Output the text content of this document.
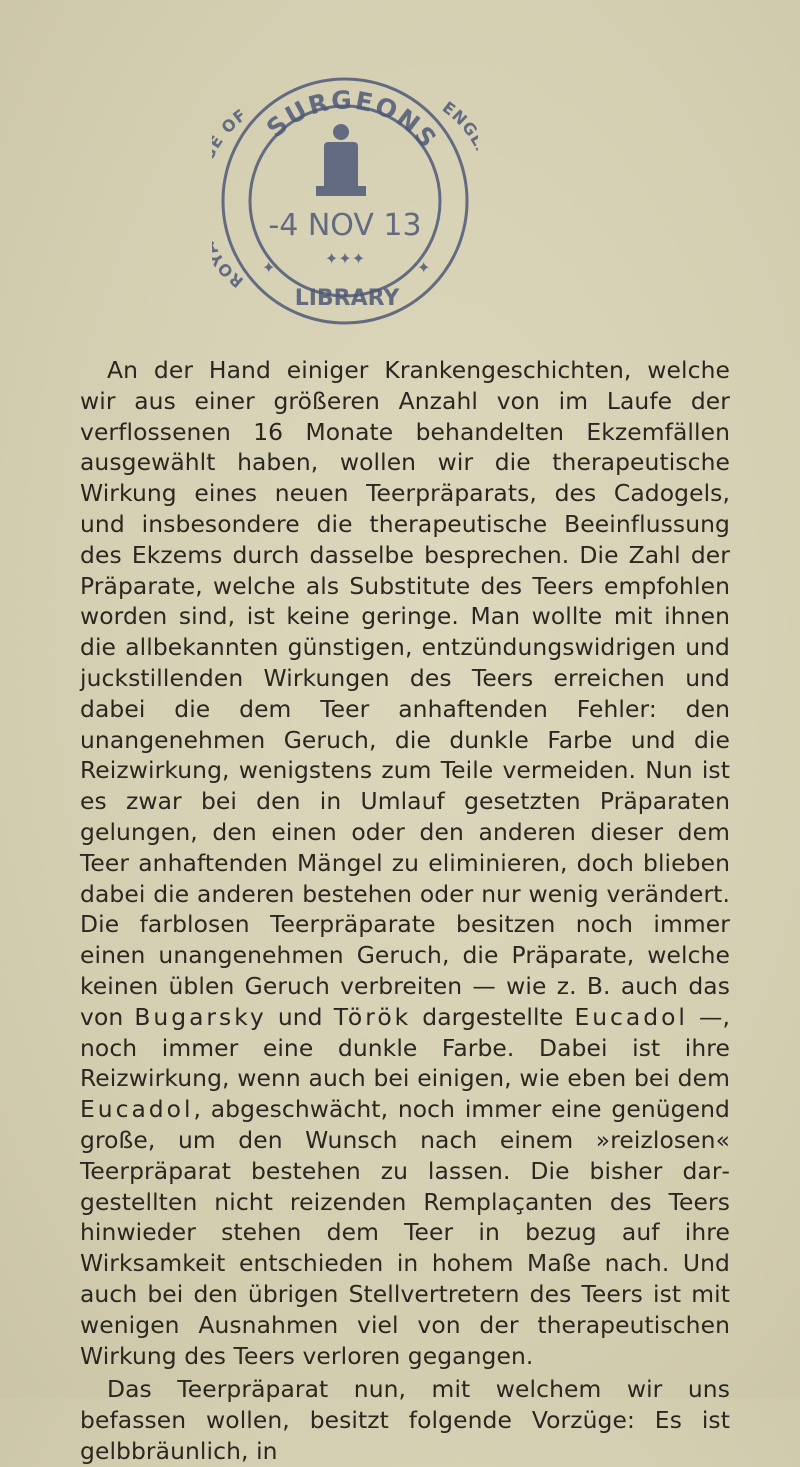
SURGEONS
RO OF	EN
-4 NOV 13
LIBRARY
✦✦✦
✦	✦

An der Hand einiger Krankengeschichten, welche wir aus einer größeren Anzahl von im Laufe der verflossenen 16 Monate behandelten Ekzemfällen ausgewählt haben, wollen wir die therapeutische Wirkung eines neuen Teerpräparats, des Cadogels, und insbesondere die therapeutische Beeinflussung des Ekzems durch dasselbe besprechen. Die Zahl der Präparate, welche als Substitute des Teers empfohlen worden sind, ist keine geringe. Man wollte mit ihnen die allbekannten günstigen, entzündungswidrigen und juckstillenden Wirkungen des Teers erreichen und dabei die dem Teer anhaftenden Fehler: den unangenehmen Geruch, die dunkle Farbe und die Reizwirkung, wenigstens zum Teile vermeiden. Nun ist es zwar bei den in Umlauf gesetzten Präparaten gelungen, den einen oder den anderen dieser dem Teer anhaftenden Mängel zu eliminieren, doch blieben dabei die anderen bestehen oder nur wenig verändert. Die farblosen Teerpräparate besitzen noch immer einen unangenehmen Geruch, die Präparate, welche keinen üblen Geruch verbreiten — wie z. B. auch das von Bugarsky und Török dargestellte Eucadol —, noch immer eine dunkle Farbe. Dabei ist ihre Reizwirkung, wenn auch bei einigen, wie eben bei dem Eucadol, abgeschwächt, noch immer eine genügend große, um den Wunsch nach einem »reizlosen« Teerpräparat bestehen zu lassen. Die bisher dargestellten nicht reizenden Remplaçanten des Teers hinwieder stehen dem Teer in bezug auf ihre Wirksamkeit entschieden in hohem Maße nach. Und auch bei den übrigen Stellvertretern des Teers ist mit wenigen Ausnahmen viel von der therapeutischen Wirkung des Teers verloren gegangen.

Das Teerpräparat nun, mit welchem wir uns befassen wollen, besitzt folgende Vorzüge: Es ist gelbbräunlich, in
